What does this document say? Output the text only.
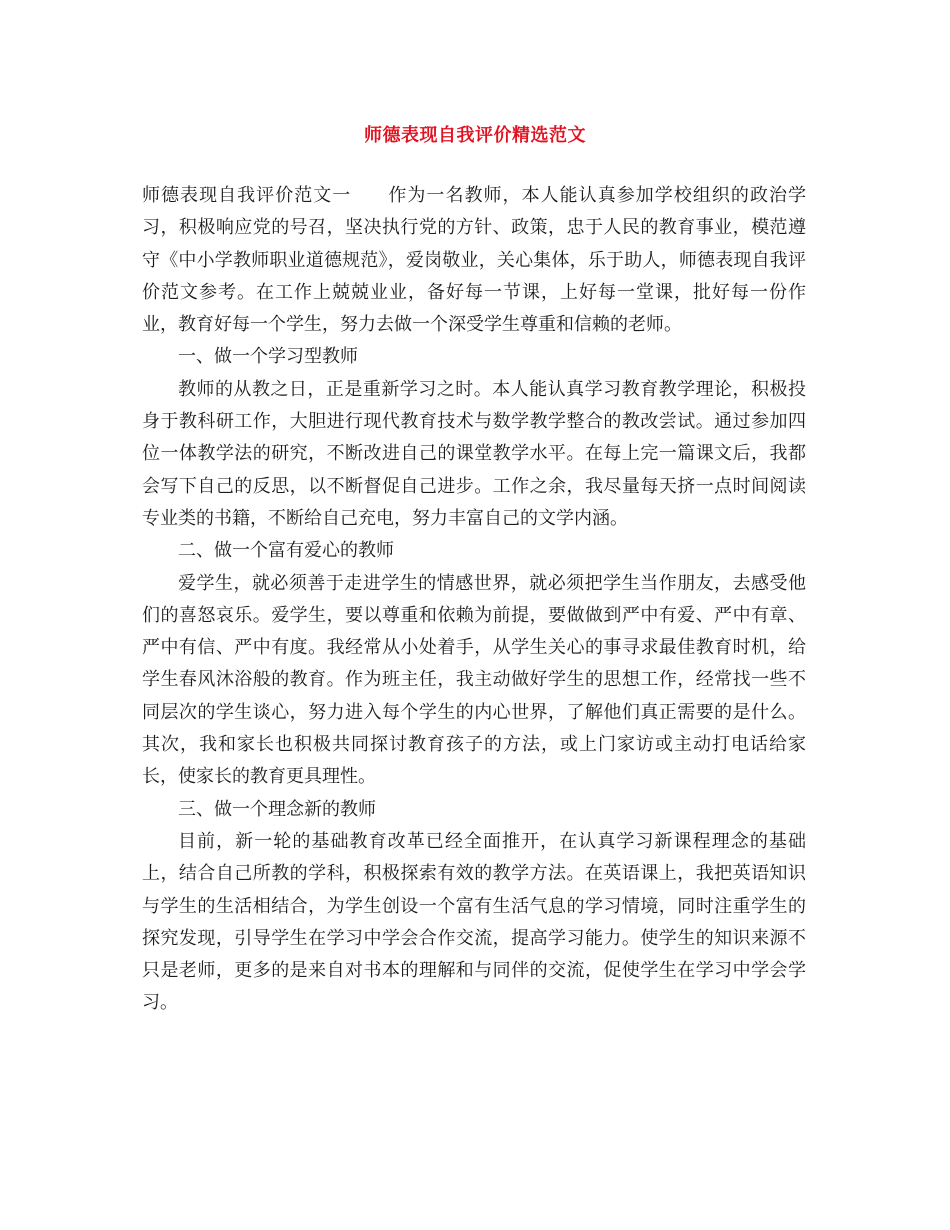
师德表现自我评价精选范文

师德表现自我评价范文一 作为一名教师，本人能认真参加学校组织的政治学习，积极响应党的号召，坚决执行党的方针、政策，忠于人民的教育事业，模范遵守《中小学教师职业道德规范》，爱岗敬业，关心集体，乐于助人，师德表现自我评价范文参考。在工作上兢兢业业，备好每一节课，上好每一堂课，批好每一份作业，教育好每一个学生，努力去做一个深受学生尊重和信赖的老师。

一、做一个学习型教师

教师的从教之日，正是重新学习之时。本人能认真学习教育教学理论，积极投身于教科研工作，大胆进行现代教育技术与数学教学整合的教改尝试。通过参加四位一体教学法的研究，不断改进自己的课堂教学水平。在每上完一篇课文后，我都会写下自己的反思，以不断督促自己进步。工作之余，我尽量每天挤一点时间阅读专业类的书籍，不断给自己充电，努力丰富自己的文学内涵。

二、做一个富有爱心的教师

爱学生，就必须善于走进学生的情感世界，就必须把学生当作朋友，去感受他们的喜怒哀乐。爱学生，要以尊重和依赖为前提，要做做到严中有爱、严中有章、严中有信、严中有度。我经常从小处着手，从学生关心的事寻求最佳教育时机，给学生春风沐浴般的教育。作为班主任，我主动做好学生的思想工作，经常找一些不同层次的学生谈心，努力进入每个学生的内心世界，了解他们真正需要的是什么。其次，我和家长也积极共同探讨教育孩子的方法，或上门家访或主动打电话给家长，使家长的教育更具理性。

三、做一个理念新的教师

目前，新一轮的基础教育改革已经全面推开，在认真学习新课程理念的基础上，结合自己所教的学科，积极探索有效的教学方法。在英语课上，我把英语知识与学生的生活相结合，为学生创设一个富有生活气息的学习情境，同时注重学生的探究发现，引导学生在学习中学会合作交流，提高学习能力。使学生的知识来源不只是老师，更多的是来自对书本的理解和与同伴的交流，促使学生在学习中学会学习。
